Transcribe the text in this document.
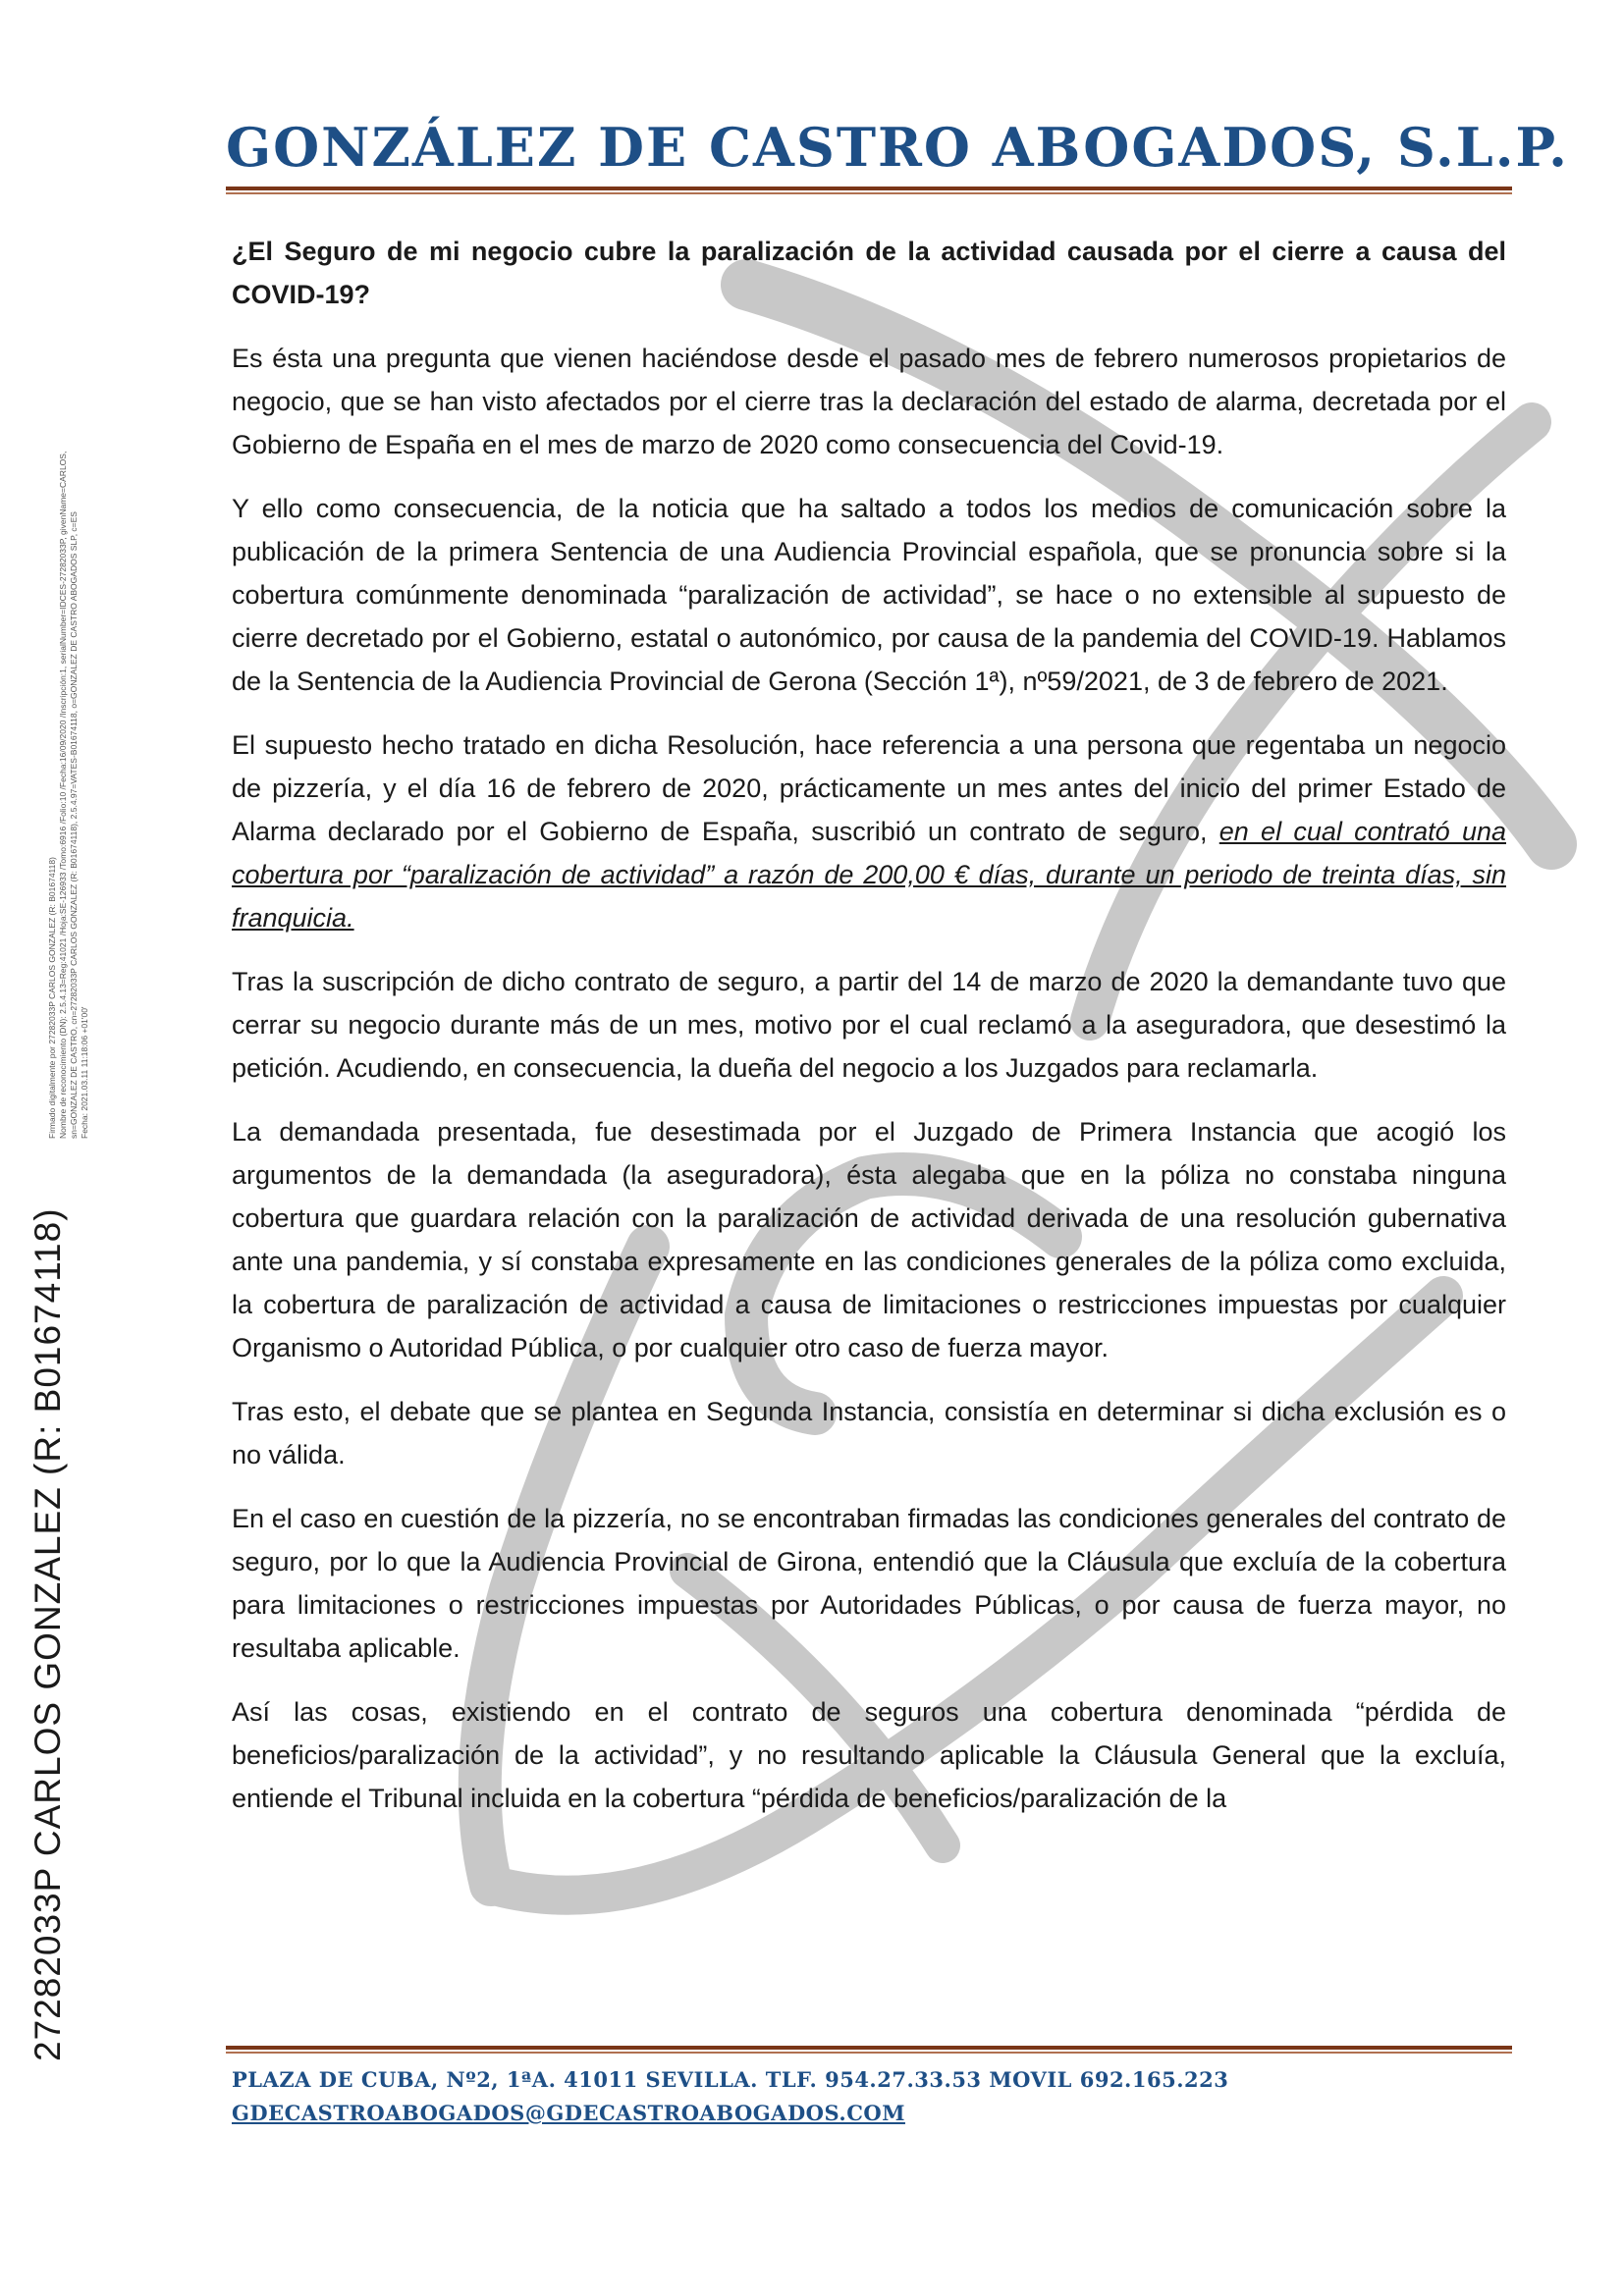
27282033P CARLOS GONZALEZ (R: B01674118)
Firmado digitalmente por 27282033P CARLOS GONZALEZ (R: B01674118) Nombre de reconocimiento (DN): 2.5.4.13=Reg:41021 /Hoja:SE-126933 /Tomo:6916 /Folio:10 /Fecha:16/09/2020 /Inscripción:1, serialNumber=IDCES-27282033P, givenName=CARLOS, sn=GONZALEZ DE CASTRO, cn=27282033P CARLOS GONZALEZ (R: B01674118), 2.5.4.97=VATES-B01674118, o=GONZALEZ DE CASTRO ABOGADOS SLP, c=ES Fecha: 2021.03.11 11:18:06 +01'00'
GONZÁLEZ DE CASTRO ABOGADOS, S.L.P.

¿El Seguro de mi negocio cubre la paralización de la actividad causada por el cierre a causa del COVID-19?

Es ésta una pregunta que vienen haciéndose desde el pasado mes de febrero numerosos propietarios de negocio, que se han visto afectados por el cierre tras la declaración del estado de alarma, decretada por el Gobierno de España en el mes de marzo de 2020 como consecuencia del Covid-19.

Y ello como consecuencia, de la noticia que ha saltado a todos los medios de comunicación sobre la publicación de la primera Sentencia de una Audiencia Provincial española, que se pronuncia sobre si la cobertura comúnmente denominada “paralización de actividad”, se hace o no extensible al supuesto de cierre decretado por el Gobierno, estatal o autonómico, por causa de la pandemia del COVID-19. Hablamos de la Sentencia de la Audiencia Provincial de Gerona (Sección 1ª), nº59/2021, de 3 de febrero de 2021.

El supuesto hecho tratado en dicha Resolución, hace referencia a una persona que regentaba un negocio de pizzería, y el día 16 de febrero de 2020, prácticamente un mes antes del inicio del primer Estado de Alarma declarado por el Gobierno de España, suscribió un contrato de seguro, en el cual contrató una cobertura por “paralización de actividad” a razón de 200,00 € días, durante un periodo de treinta días, sin franquicia.

Tras la suscripción de dicho contrato de seguro, a partir del 14 de marzo de 2020 la demandante tuvo que cerrar su negocio durante más de un mes, motivo por el cual reclamó a la aseguradora, que desestimó la petición. Acudiendo, en consecuencia, la dueña del negocio a los Juzgados para reclamarla.

La demandada presentada, fue desestimada por el Juzgado de Primera Instancia que acogió los argumentos de la demandada (la aseguradora), ésta alegaba que en la póliza no constaba ninguna cobertura que guardara relación con la paralización de actividad derivada de una resolución gubernativa ante una pandemia, y sí constaba expresamente en las condiciones generales de la póliza como excluida, la cobertura de paralización de actividad a causa de limitaciones o restricciones impuestas por cualquier Organismo o Autoridad Pública, o por cualquier otro caso de fuerza mayor.

Tras esto, el debate que se plantea en Segunda Instancia, consistía en determinar si dicha exclusión es o no válida.

En el caso en cuestión de la pizzería, no se encontraban firmadas las condiciones generales del contrato de seguro, por lo que la Audiencia Provincial de Girona, entendió que la Cláusula que excluía de la cobertura para limitaciones o restricciones impuestas por Autoridades Públicas, o por causa de fuerza mayor, no resultaba aplicable.

Así las cosas, existiendo en el contrato de seguros una cobertura denominada “pérdida de beneficios/paralización de la actividad”, y no resultando aplicable la Cláusula General que la excluía, entiende el Tribunal incluida en la cobertura “pérdida de beneficios/paralización de la

PLAZA DE CUBA, Nº2, 1ªA. 41011 SEVILLA. TLF. 954.27.33.53 MOVIL 692.165.223
GDECASTROABOGADOS@GDECASTROABOGADOS.COM
